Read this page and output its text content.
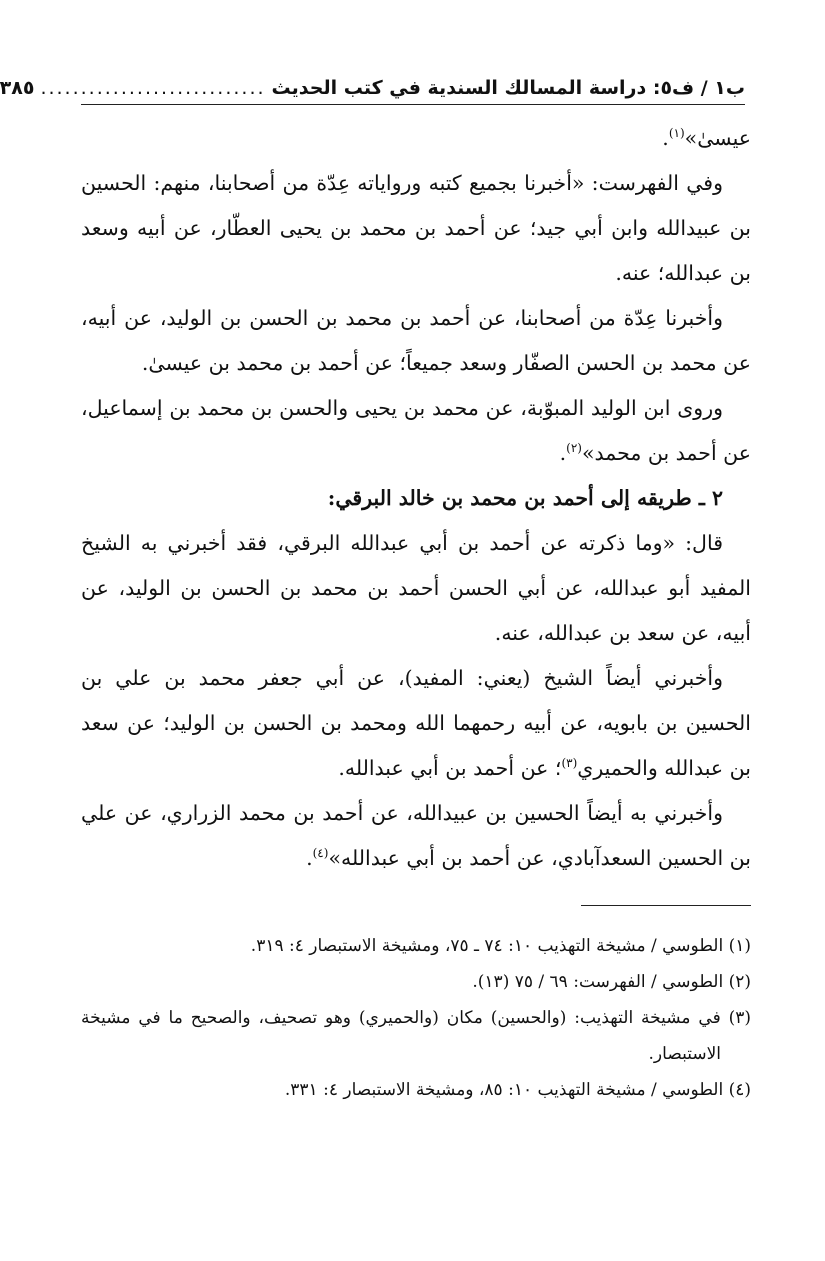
ب١ / ف٥: دراسة المسالك السندية في كتب الحديث
............................
٣٨٥

عيسىٰ»$^{(١)}$.

وفي الفهرست: «أخبرنا بجميع كتبه ورواياته عِدّة من أصحابنا، منهم: الحسين بن عبيدالله وابن أبي جيد؛ عن أحمد بن محمد بن يحيى العطّار، عن أبيه وسعد بن عبدالله؛ عنه.

وأخبرنا عِدّة من أصحابنا، عن أحمد بن محمد بن الحسن بن الوليد، عن أبيه، عن محمد بن الحسن الصفّار وسعد جميعاً؛ عن أحمد بن محمد بن عيسىٰ.

وروى ابن الوليد المبوّبة، عن محمد بن يحيى والحسن بن محمد بن إسماعيل، عن أحمد بن محمد»$^{(٢)}$.

٢ ـ طريقه إلى أحمد بن محمد بن خالد البرقي:

قال: «وما ذكرته عن أحمد بن أبي عبدالله البرقي، فقد أخبرني به الشيخ المفيد أبو عبدالله، عن أبي الحسن أحمد بن محمد بن الحسن بن الوليد، عن أبيه، عن سعد بن عبدالله، عنه.

وأخبرني أيضاً الشيخ (يعني: المفيد)، عن أبي جعفر محمد بن علي بن الحسين بن بابويه، عن أبيه رحمهما الله ومحمد بن الحسن بن الوليد؛ عن سعد بن عبدالله والحميري$^{(٣)}$؛ عن أحمد بن أبي عبدالله.

وأخبرني به أيضاً الحسين بن عبيدالله، عن أحمد بن محمد الزراري، عن علي بن الحسين السعدآبادي، عن أحمد بن أبي عبدالله»$^{(٤)}$.

(١) الطوسي / مشيخة التهذيب ١٠: ٧٤ ـ ٧٥، ومشيخة الاستبصار ٤: ٣١٩.

(٢) الطوسي / الفهرست: ٦٩ / ٧٥ (١٣).

(٣) في مشيخة التهذيب: (والحسين) مكان (والحميري) وهو تصحيف، والصحيح ما في مشيخة الاستبصار.

(٤) الطوسي / مشيخة التهذيب ١٠: ٨٥، ومشيخة الاستبصار ٤: ٣٣١.
